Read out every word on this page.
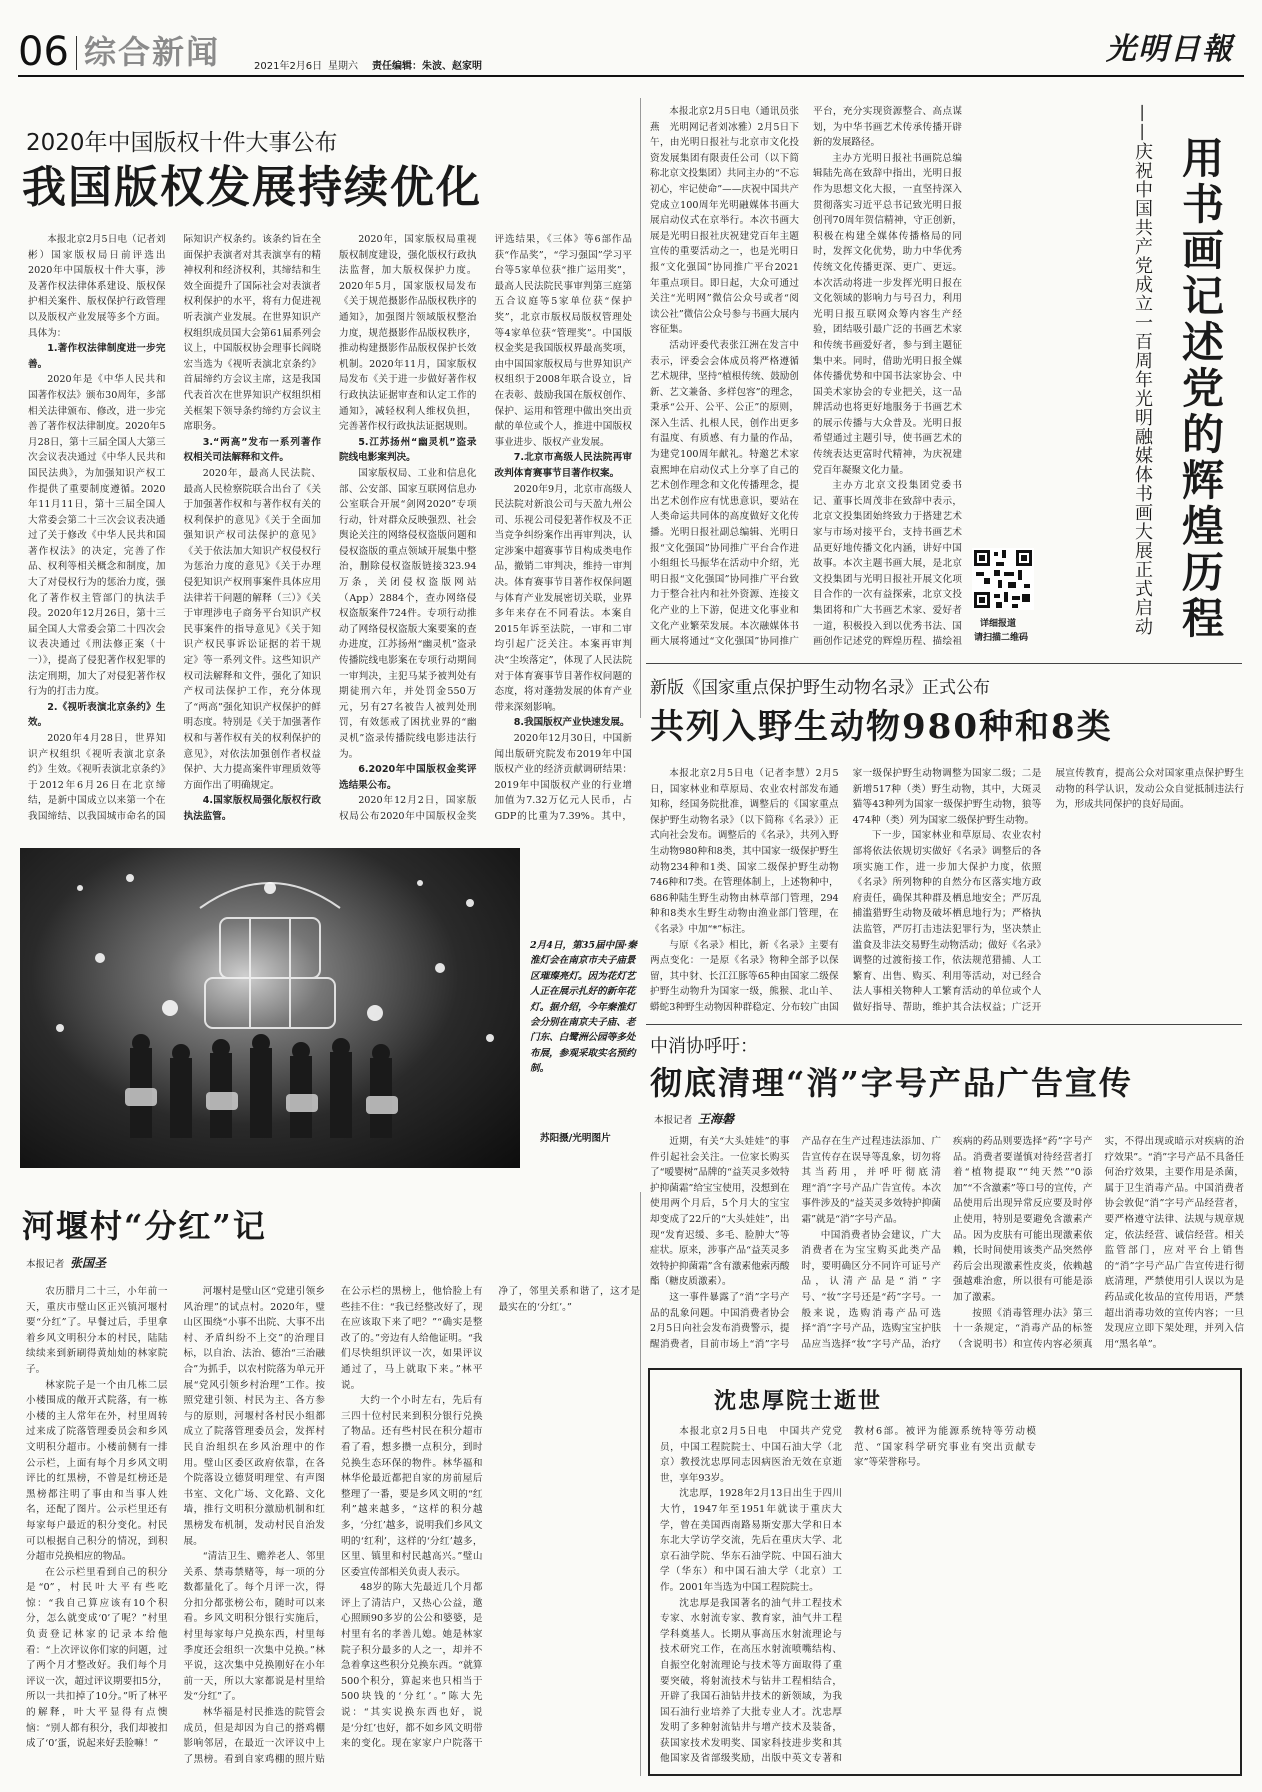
06 综合新闻	2021年2月6日 星期六 责任编辑：朱波、赵家明	光明日報
2020年中国版权十件大事公布
我国版权发展持续优化

本报北京2月5日电（记者刘彬）国家版权局日前评选出2020年中国版权十件大事，涉及著作权法律体系建设、版权保护相关案件、版权保护行政管理以及版权产业发展等多个方面。具体为：

1.著作权法律制度进一步完善。

2020年是《中华人民共和国著作权法》颁布30周年，多部相关法律颁布、修改，进一步完善了著作权法律制度。2020年5月28日，第十三届全国人大第三次会议表决通过《中华人民共和国民法典》，为加强知识产权工作提供了重要制度遵循。2020年11月11日，第十三届全国人大常委会第二十三次会议表决通过了关于修改《中华人民共和国著作权法》的决定，完善了作品、权利等相关概念和制度，加大了对侵权行为的惩治力度，强化了著作权主管部门的执法手段。2020年12月26日，第十三届全国人大常委会第二十四次会议表决通过《刑法修正案（十一）》，提高了侵犯著作权犯罪的法定刑期，加大了对侵犯著作权行为的打击力度。

2.《视听表演北京条约》生效。

2020年4月28日，世界知识产权组织《视听表演北京条约》生效。《视听表演北京条约》于2012年6月26日在北京缔结，是新中国成立以来第一个在我国缔结、以我国城市命名的国际知识产权条约。该条约旨在全面保护表演者对其表演享有的精神权利和经济权利，其缔结和生效全面提升了国际社会对表演者权利保护的水平，将有力促进视听表演产业发展。在世界知识产权组织成员国大会第61届系列会议上，中国版权协会理事长阎晓宏当选为《视听表演北京条约》首届缔约方会议主席，这是我国代表首次在世界知识产权组织相关框架下领导条约缔约方会议主席职务。

3.“两高”发布一系列著作权相关司法解释和文件。

2020年，最高人民法院、最高人民检察院联合出台了《关于加强著作权和与著作权有关的权利保护的意见》《关于全面加强知识产权司法保护的意见》《关于依法加大知识产权侵权行为惩治力度的意见》《关于办理侵犯知识产权刑事案件具体应用法律若干问题的解释（三）》《关于审理涉电子商务平台知识产权民事案件的指导意见》《关于知识产权民事诉讼证据的若干规定》等一系列文件。这些知识产权司法解释和文件，强化了知识产权司法保护工作，充分体现了“两高”强化知识产权保护的鲜明态度。特别是《关于加强著作权和与著作权有关的权利保护的意见》，对依法加强创作者权益保护、大力提高案件审理质效等方面作出了明确规定。

4.国家版权局强化版权行政执法监管。

2020年，国家版权局重视版权制度建设，强化版权行政执法监督，加大版权保护力度。2020年5月，国家版权局发布《关于规范摄影作品版权秩序的通知》，加强图片领域版权整治力度，规范摄影作品版权秩序，推动构建摄影作品版权保护长效机制。2020年11月，国家版权局发布《关于进一步做好著作权行政执法证据审查和认定工作的通知》，减轻权利人维权负担，完善著作权行政执法证据规则。

5.江苏扬州“幽灵机”盗录院线电影案判决。

国家版权局、工业和信息化部、公安部、国家互联网信息办公室联合开展“剑网2020”专项行动，针对群众反映强烈、社会舆论关注的网络侵权盗版问题和侵权盗版的重点领域开展集中整治，删除侵权盗版链接323.94万条，关闭侵权盗版网站（App）2884个，查办网络侵权盗版案件724件。专项行动推动了网络侵权盗版大案要案的查办进度，江苏扬州“幽灵机”盗录传播院线电影案在专项行动期间一审判决，主犯马某予被判处有期徒刑六年，并处罚金550万元，另有27名被告人被判处刑罚，有效惩戒了困扰业界的“幽灵机”盗录传播院线电影违法行为。

6.2020年中国版权金奖评选结果公布。

2020年12月2日，国家版权局公布2020年中国版权金奖评选结果，《三体》等6部作品获“作品奖”，“学习强国”学习平台等5家单位获“推广运用奖”，最高人民法院民事审判第三庭第五合议庭等5家单位获“保护奖”，北京市版权局版权管理处等4家单位获“管理奖”。中国版权金奖是我国版权界最高奖项，由中国国家版权局与世界知识产权组织于2008年联合设立，旨在表彰、鼓励我国在版权创作、保护、运用和管理中做出突出贡献的单位或个人，推进中国版权事业进步、版权产业发展。

7.北京市高级人民法院再审改判体育赛事节目著作权案。

2020年9月，北京市高级人民法院对新浪公司与天盈九州公司、乐视公司侵犯著作权及不正当竞争纠纷案作出再审判决，认定涉案中超赛事节目构成类电作品，撤销二审判决，维持一审判决。体育赛事节目著作权保问题与体育产业发展密切关联，业界多年来存在不同看法。本案自2015年诉至法院，一审和二审均引起广泛关注。本案再审判决“尘埃落定”，体现了人民法院对于体育赛事节目著作权问题的态度，将对蓬勃发展的体育产业带来深刻影响。

8.我国版权产业快速发展。

2020年12月30日，中国新闻出版研究院发布2019年中国版权产业的经济贡献调研结果：2019年中国版权产业的行业增加值为7.32万亿元人民币，占GDP的比重为7.39%。其中，

本报北京2月5日电（通讯员张燕　光明网记者刘冰雅）2月5日下午，由光明日报社与北京市文化投资发展集团有限责任公司（以下简称北京文投集团）共同主办的“不忘初心，牢记使命”——庆祝中国共产党成立100周年光明融媒体书画大展启动仪式在京举行。本次书画大展是光明日报社庆祝建党百年主题宣传的重要活动之一，也是光明日报“文化强国”协同推广平台2021年重点项目。即日起，大众可通过关注“光明网”微信公众号或者“阅读公社”微信公众号参与书画大展内容征集。

活动评委代表张江洲在发言中表示，评委会会体成员将严格遵循艺术规律，坚持“植根传统、鼓励创新、艺文兼备、多样包容”的理念，秉承“公开、公平、公正”的原则，深入生活、扎根人民，创作出更多有温度、有质感、有力量的作品，为建党100周年献礼。特邀艺术家袁熙坤在启动仪式上分享了自己的艺术创作理念和文化传播理念，提出艺术创作应有忧患意识，要站在人类命运共同体的高度做好文化传播。光明日报社副总编辑、光明日报“文化强国”协同推广平台合作进小组组长马振华在活动中介绍，光明日报“文化强国”协同推广平台致力于整合社内和社外资源、连接文化产业的上下游，促进文化事业和文化产业繁荣发展。本次融媒体书画大展将通过“文化强国”协同推广平台，充分实现资源整合、高点谋划，为中华书画艺术传承传播开辟新的发展路径。

主办方光明日报社书画院总编辑陆先高在致辞中指出，光明日报作为思想文化大报，一直坚持深入贯彻落实习近平总书记致光明日报创刊70周年贺信精神，守正创新，积极在构建全媒体传播格局的同时，发挥文化优势，助力中华优秀传统文化传播更深、更广、更远。本次活动将进一步发挥光明日报在文化领域的影响力与号召力，利用光明日报互联网众筹内容生产经验，团结吸引最广泛的书画艺术家和传统书画爱好者，参与到主题征集中来。同时，借助光明日报全媒体传播优势和中国书法家协会、中国美术家协会的专业把关，这一品牌活动也将更好地服务于书画艺术的展示传播与大众普及。光明日报希望通过主题引导，使书画艺术的传统表达更富时代精神，为庆祝建党百年凝聚文化力量。

主办方北京文投集团党委书记、董事长周茂非在致辞中表示，北京文投集团始终致力于搭建艺术家与市场对接平台，支持书画艺术品更好地传播文化内涵，讲好中国故事。本次主题书画大展，是北京文投集团与光明日报社开展文化项目合作的一次有益探索，北京文投集团将和广大书画艺术家、爱好者一道，积极投入到以优秀书法、国画创作记述党的辉煌历程、描绘祖	用书画记述党的辉煌历程
——庆祝中国共产党成立一百周年光明融媒体书画大展正式启动
详细报道
请扫描二维码
新版《国家重点保护野生动物名录》正式公布
共列入野生动物980种和8类

本报北京2月5日电（记者李慧）2月5日，国家林业和草原局、农业农村部发布通知称，经国务院批准，调整后的《国家重点保护野生动物名录》（以下简称《名录》）正式向社会发布。调整后的《名录》，共列入野生动物980种和8类，其中国家一级保护野生动物234种和1类、国家二级保护野生动物746种和7类。在管理体制上，上述物种中，686种陆生野生动物由林草部门管理，294种和8类水生野生动物由渔业部门管理，在《名录》中加“*”标注。

与原《名录》相比，新《名录》主要有两点变化：一是原《名录》物种全部予以保留，其中豺、长江江豚等65种由国家二级保护野生动物升为国家一级，熊猴、北山羊、蟒蛇3种野生动物因种群稳定、分布较广由国家一级保护野生动物调整为国家二级；二是新增517种（类）野生动物，其中，大斑灵猫等43种列为国家一级保护野生动物，狼等474种（类）列为国家二级保护野生动物。

下一步，国家林业和草原局、农业农村部将依法依规切实做好《名录》调整后的各项实施工作，进一步加大保护力度，依照《名录》所列物种的自然分布区落实地方政府责任，确保其种群及栖息地安全；严厉乱捕滥猎野生动物及破坏栖息地行为；严格执法监管，严厉打击违法犯罪行为，坚决禁止滥食及非法交易野生动物活动；做好《名录》调整的过渡衔接工作，依法规范猎捕、人工繁育、出售、购买、利用等活动，对已经合法人事相关物种人工繁育活动的单位或个人做好指导、帮助，维护其合法权益；广泛开展宣传教育，提高公众对国家重点保护野生动物的科学认识，发动公众自觉抵制违法行为，形成共同保护的良好局面。

2月4日，第35届中国·秦淮灯会在南京市夫子庙景区璀璨亮灯。因为花灯艺人正在展示扎好的新年花灯。据介绍，今年秦淮灯会分别在南京夫子庙、老门东、白鹭洲公园等多处布展，参观采取实名预约制。
苏阳摄/光明图片
中消协呼吁：
彻底清理“消”字号产品广告宣传
本报记者 王海磐

近期，有关“大头娃娃”的事件引起社会关注。一位家长购买了“嗳婴树”品牌的“益芙灵多效特护抑菌霜”给宝宝使用，没想到在使用两个月后，5个月大的宝宝却变成了22斤的“大头娃娃”，出现“发育迟缓、多毛、脸肿大”等症状。原来，涉事产品“益芙灵多效特护抑菌霜”含有激素他索丙酸酯（糖皮质激素）。

这一事件暴露了“消”字号产品的乱象问题。中国消费者协会2月5日向社会发布消费警示，提醒消费者，目前市场上“消”字号产品存在生产过程违法添加、广告宣传存在误导等乱象，切勿将其当药用，并呼吁彻底清理“消”字号产品广告宣传。本次事件涉及的“益芙灵多效特护抑菌霜”就是“消”字号产品。

中国消费者协会建议，广大消费者在为宝宝购买此类产品时，要明确区分不同许可证号产品，认清产品是“消”字号、“妆”字号还是“药”字号。一般来说，选购消毒产品可选择“消”字号产品，选购宝宝护肤品应当选择“妆”字号产品，治疗疾病的药品则要选择“药”字号产品。消费者要谨慎对待经营者打着“植物提取”“纯天然”“0添加”“不含激素”等口号的宣传，产品使用后出现异常反应要及时停止使用，特别是要避免含激素产品。因为皮肤有可能出现激素依赖，长时间使用该类产品突然停药后会出现激素性皮炎，依赖越强越难治愈，所以很有可能是添加了激素。

按照《消毒管理办法》第三十一条规定，“消毒产品的标签（含说明书）和宣传内容必须真实，不得出现或暗示对疾病的治疗效果”。“消”字号产品不具备任何治疗效果，主要作用是杀菌，属于卫生消毒产品。中国消费者协会敦促“消”字号产品经营者，要严格遵守法律、法规与规章规定，依法经营、诚信经营。相关监管部门，应对平台上销售的“消”字号产品广告宣传进行彻底清理，严禁使用引人误以为是药品或化妆品的宣传用语，严禁超出消毒功效的宣传内容；一旦发现应立即下架处理，并列入信用“黑名单”。

河堰村“分红”记
本报记者 张国圣

农历腊月二十三，小年前一天，重庆市璧山区正兴镇河堰村要“分红”了。早餐过后，手里拿着乡风文明积分本的村民，陆陆续续来到新刷得黄灿灿的林家院子。

林家院子是一个由几栋二层小楼围成的敞开式院落，有一栋小楼的主人常年在外，村里周转过来成了院落管理委员会和乡风文明积分超市。小楼前侧有一排公示栏，上面有每个月乡风文明评比的红黑榜，不曾是红榜还是黑榜都注明了事由和当事人姓名，还配了图片。公示栏里还有每家每户最近的积分变化。村民可以根据自己积分的情况，到积分超市兑换相应的物品。

在公示栏里看到自己的积分是“0”，村民叶大平有些吃惊：“我自己算应该有10个积分，怎么就变成‘0’了呢？”村里负责登记林家的记录本给他看：“上次评议你们家的问题，过了两个月才整改好。我们每个月评议一次，超过评议期要扣5分，所以一共扣掉了10分。”听了林平的解释，叶大平显得有点懊恼：“别人都有积分，我们却被扣成了‘0’蛋，说起来好丢脸嘛！”

河堰村是璧山区“党建引领乡风治理”的试点村。2020年，璧山区围绕“小事不出院、大事不出村、矛盾纠纷不上交”的治理目标，以自治、法治、德治“三治融合”为抓手，以农村院落为单元开展“党风引领乡村治理”工作。按照党建引领、村民为主、各方参与的原则，河堰村各村民小组都成立了院落管理委员会，发挥村民自治组织在乡风治理中的作用。璧山区委区政府依靠，在各个院落设立德贤明理堂、有声图书室、文化广场、文化路、文化墙，推行文明积分激励机制和红黑榜发布机制，发动村民自治发展。

“清洁卫生、赡养老人、邻里关系、禁毒禁赌等，每一项的分数都量化了。每个月评一次，得分扣分都张榜公布，随时可以来看。乡风文明积分银行实施后，村里每家每户兑换东西，村里每季度还会组织一次集中兑换。”林平说，这次集中兑换刚好在小年前一天，所以大家都说是村里给发“分红”了。

林华福是村民推选的院管会成员，但是却因为自己的搭鸡棚影响邻居，在最近一次评议中上了黑榜。看到自家鸡棚的照片贴在公示栏的黑榜上，他恰脸上有些挂不住：“我已经整改好了，现在应该取下来了吧？”“确实是整改了的。”旁边有人给他证明。“我们尽快组织评议一次，如果评议通过了，马上就取下来。”林平说。

大约一个小时左右，先后有三四十位村民来到积分银行兑换了物品。还有些村民在积分超市看了看，想多攒一点积分，到时兑换生态环保的物件。林华福和林华伦最近都把自家的房前屋后整理了一番，要是乡风文明的“红利”越来越多，“这样的积分越多，‘分红’越多，说明我们乡风文明的‘红利’，这样的‘分红’越多，区里、镇里和村民越高兴。”璧山区委宣传部相关负责人表示。

48岁的陈大先最近几个月都评上了清洁户，又热心公益，邀心照顾90多岁的公公和婆婆，是村里有名的孝善儿媳。她是林家院子积分最多的人之一，却并不急着拿这些积分兑换东西。“就算500个积分，算起来也只相当于500块钱的‘分红’。”陈大先说：“其实说换东西也好，说是‘分红’也好，都不如乡风文明带来的变化。现在家家户户院落干净了，邻里关系和谐了，这才是最实在的‘分红’。”

沈忠厚院士逝世

本报北京2月5日电　中国共产党党员，中国工程院院士、中国石油大学（北京）教授沈忠厚同志因病医治无效在京逝世，享年93岁。

沈忠厚，1928年2月13日出生于四川大竹，1947年至1951年就读于重庆大学，曾在美国西南路易斯安那大学和日本东北大学访学交流，先后在重庆大学、北京石油学院、华东石油学院、中国石油大学（华东）和中国石油大学（北京）工作。2001年当选为中国工程院院士。

沈忠厚是我国著名的油气井工程技术专家、水射流专家、教育家，油气井工程学科奠基人。长期从事高压水射流理论与技术研究工作，在高压水射流喷嘴结构、自振空化射流理论与技术等方面取得了重要突破，将射流技术与钻井工程相结合，开辟了我国石油钻井技术的新领域，为我国石油行业培养了大批专业人才。沈忠厚发明了多种射流钻井与增产技术及装备，获国家技术发明奖、国家科技进步奖和其他国家及省部级奖励，出版中英文专著和教材6部。被评为能源系统特等劳动模范、“国家科学研究事业有突出贡献专家”等荣誉称号。
